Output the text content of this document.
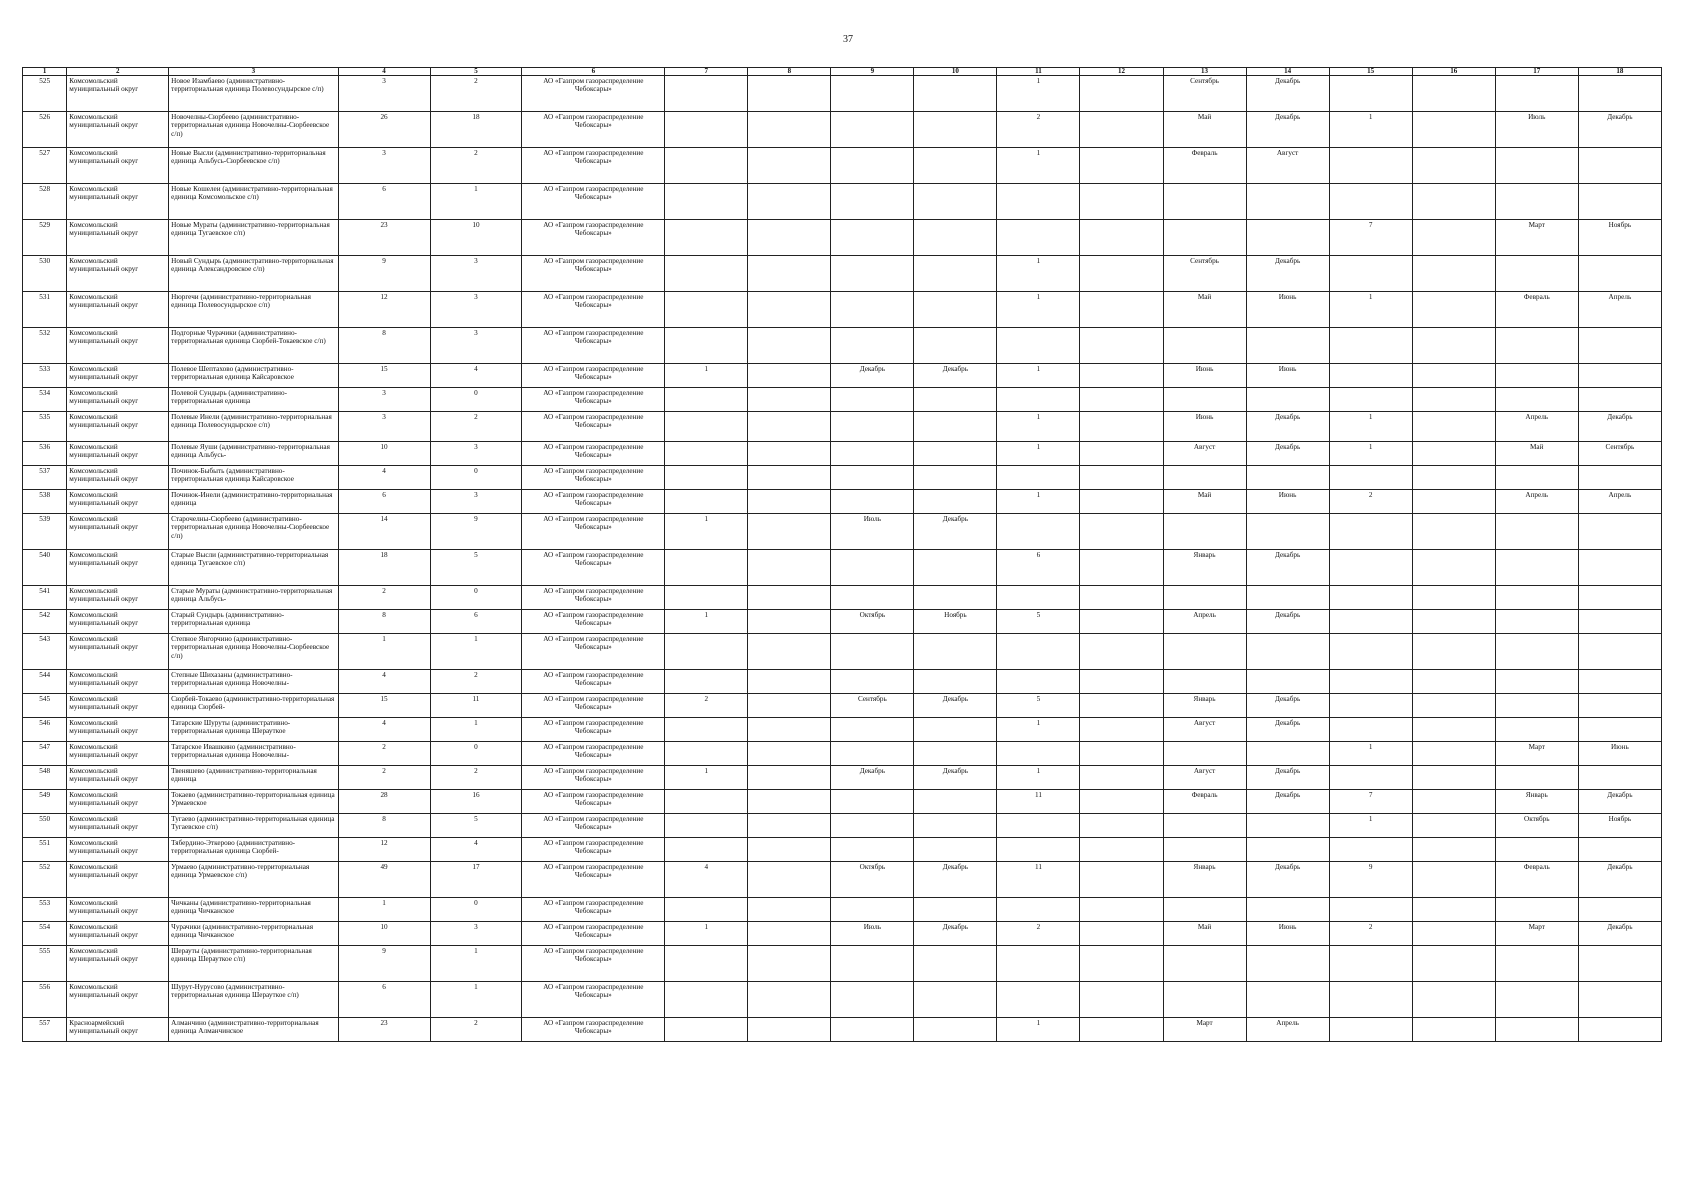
37
1	2	3	4	5	6	7	8	9	10	11	12	13	14	15	16	17	18
525	Комсомольский муниципальный округ	Новое Изамбаево (административно-территориальная единица Полевосундырское с/п)	3	2	АО «Газпром газораспределение Чебоксары»					1		Сентябрь	Декабрь				
526	Комсомольский муниципальный округ	Новочелны-Сюрбеево (административно-территориальная единица Новочелны-Сюрбеевское с/п)	26	18	АО «Газпром газораспределение Чебоксары»					2		Май	Декабрь	1		Июль	Декабрь
527	Комсомольский муниципальный округ	Новые Высли (административно-территориальная единица Альбусь-Сюрбеевское с/п)	3	2	АО «Газпром газораспределение Чебоксары»					1		Февраль	Август				
528	Комсомольский муниципальный округ	Новые Кошелеи (административно-территориальная единица Комсомольское с/п)	6	1	АО «Газпром газораспределение Чебоксары»												
529	Комсомольский муниципальный округ	Новые Мураты (административно-территориальная единица Тугаевское с/п)	23	10	АО «Газпром газораспределение Чебоксары»									7		Март	Ноябрь
530	Комсомольский муниципальный округ	Новый Сундырь (административно-территориальная единица Александровское с/п)	9	3	АО «Газпром газораспределение Чебоксары»					1		Сентябрь	Декабрь				
531	Комсомольский муниципальный округ	Нюргечи (административно-территориальная единица Полевосундырское с/п)	12	3	АО «Газпром газораспределение Чебоксары»					1		Май	Июнь	1		Февраль	Апрель
532	Комсомольский муниципальный округ	Подгорные Чурачики (административно-территориальная единица Сюрбей-Токаевское с/п)	8	3	АО «Газпром газораспределение Чебоксары»												
533	Комсомольский муниципальный округ	Полевое Шептахово (административно-территориальная единица Кайсаровское	15	4	АО «Газпром газораспределение Чебоксары»	1		Декабрь	Декабрь	1		Июнь	Июнь				
534	Комсомольский муниципальный округ	Полевой Сундырь (административно-территориальная единица	3	0	АО «Газпром газораспределение Чебоксары»												
535	Комсомольский муниципальный округ	Полевые Инели (административно-территориальная единица Полевосундырское с/п)	3	2	АО «Газпром газораспределение Чебоксары»					1		Июнь	Декабрь	1		Апрель	Декабрь
536	Комсомольский муниципальный округ	Полевые Яуши (административно-территориальная единица Альбусь-	10	3	АО «Газпром газораспределение Чебоксары»					1		Август	Декабрь	1		Май	Сентябрь
537	Комсомольский муниципальный округ	Починок-Быбыть (административно-территориальная единица Кайсаровское	4	0	АО «Газпром газораспределение Чебоксары»												
538	Комсомольский муниципальный округ	Починок-Инели (административно-территориальная единица	6	3	АО «Газпром газораспределение Чебоксары»					1		Май	Июнь	2		Апрель	Апрель
539	Комсомольский муниципальный округ	Старочелны-Сюрбеево (административно-территориальная единица Новочелны-Сюрбеевское с/п)	14	9	АО «Газпром газораспределение Чебоксары»	1		Июль	Декабрь								
540	Комсомольский муниципальный округ	Старые Высли (административно-территориальная единица Тугаевское с/п)	18	5	АО «Газпром газораспределение Чебоксары»					6		Январь	Декабрь				
541	Комсомольский муниципальный округ	Старые Мураты (административно-территориальная единица Альбусь-	2	0	АО «Газпром газораспределение Чебоксары»												
542	Комсомольский муниципальный округ	Старый Сундырь (административно-территориальная единица	8	6	АО «Газпром газораспределение Чебоксары»	1		Октябрь	Ноябрь	5		Апрель	Декабрь				
543	Комсомольский муниципальный округ	Степное Янгорчино (административно-территориальная единица Новочелны-Сюрбеевское с/п)	1	1	АО «Газпром газораспределение Чебоксары»												
544	Комсомольский муниципальный округ	Степные Шихазаны (административно-территориальная единица Новочелны-	4	2	АО «Газпром газораспределение Чебоксары»												
545	Комсомольский муниципальный округ	Сюрбей-Токаево (административно-территориальная единица Сюрбей-	15	11	АО «Газпром газораспределение Чебоксары»	2		Сентябрь	Декабрь	5		Январь	Декабрь				
546	Комсомольский муниципальный округ	Татарские Шуруты (административно-территориальная единица Шерауткое	4	1	АО «Газпром газораспределение Чебоксары»					1		Август	Декабрь				
547	Комсомольский муниципальный округ	Татарское Ивашкино (административно-территориальная единица Новочелны-	2	0	АО «Газпром газораспределение Чебоксары»									1		Март	Июнь
548	Комсомольский муниципальный округ	Твеняшево (административно-территориальная единица	2	2	АО «Газпром газораспределение Чебоксары»	1		Декабрь	Декабрь	1		Август	Декабрь				
549	Комсомольский муниципальный округ	Токаево (административно-территориальная единица Урмаевское	28	16	АО «Газпром газораспределение Чебоксары»					11		Февраль	Декабрь	7		Январь	Декабрь
550	Комсомольский муниципальный округ	Тугаево (административно-территориальная единица Тугаевское с/п)	8	5	АО «Газпром газораспределение Чебоксары»									1		Октябрь	Ноябрь
551	Комсомольский муниципальный округ	Тябердино-Эткерово (административно-территориальная единица Сюрбей-	12	4	АО «Газпром газораспределение Чебоксары»												
552	Комсомольский муниципальный округ	Урмаево (административно-территориальная единица Урмаевское с/п)	49	17	АО «Газпром газораспределение Чебоксары»	4		Октябрь	Декабрь	11		Январь	Декабрь	9		Февраль	Декабрь
553	Комсомольский муниципальный округ	Чичканы (административно-территориальная единица Чичканское	1	0	АО «Газпром газораспределение Чебоксары»												
554	Комсомольский муниципальный округ	Чурачики (административно-территориальная единица Чичканское	10	3	АО «Газпром газораспределение Чебоксары»	1		Июль	Декабрь	2		Май	Июнь	2		Март	Декабрь
555	Комсомольский муниципальный округ	Шерауты (административно-территориальная единица Шерауткое с/п)	9	1	АО «Газпром газораспределение Чебоксары»												
556	Комсомольский муниципальный округ	Шурут-Нурусово (административно-территориальная единица Шерауткое с/п)	6	1	АО «Газпром газораспределение Чебоксары»												
557	Красноармейский муниципальный округ	Алманчино (административно-территориальная единица Алманчинское	23	2	АО «Газпром газораспределение Чебоксары»					1		Март	Апрель				
